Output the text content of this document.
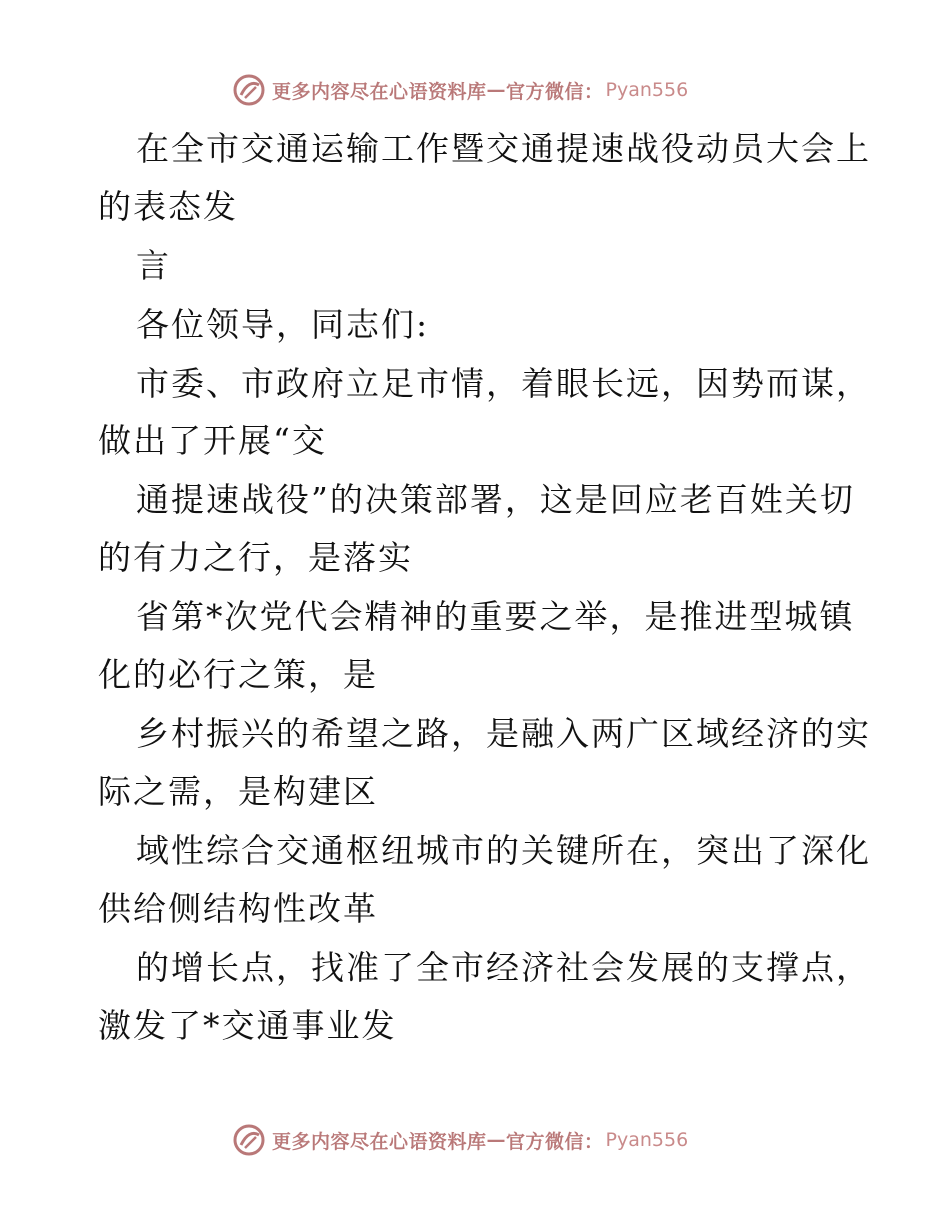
更多内容尽在心语资料库 — 官方微信： Pyan556
在全市交通运输工作暨交通提速战役动员大会上
的表态发
言
各位领导，同志们:
市委、市政府立足市情，着眼长远，因势而谋，
做出了开展“交
通提速战役”的决策部署，这是回应老百姓关切
的有力之行，是落实
省第*次党代会精神的重要之举，是推进型城镇
化的必行之策，是
乡村振兴的希望之路，是融入两广区域经济的实
际之需，是构建区
域性综合交通枢纽城市的关键所在，突出了深化
供给侧结构性改革
的增长点，找准了全市经济社会发展的支撑点，
激发了*交通事业发
更多内容尽在心语资料库 — 官方微信： Pyan556
